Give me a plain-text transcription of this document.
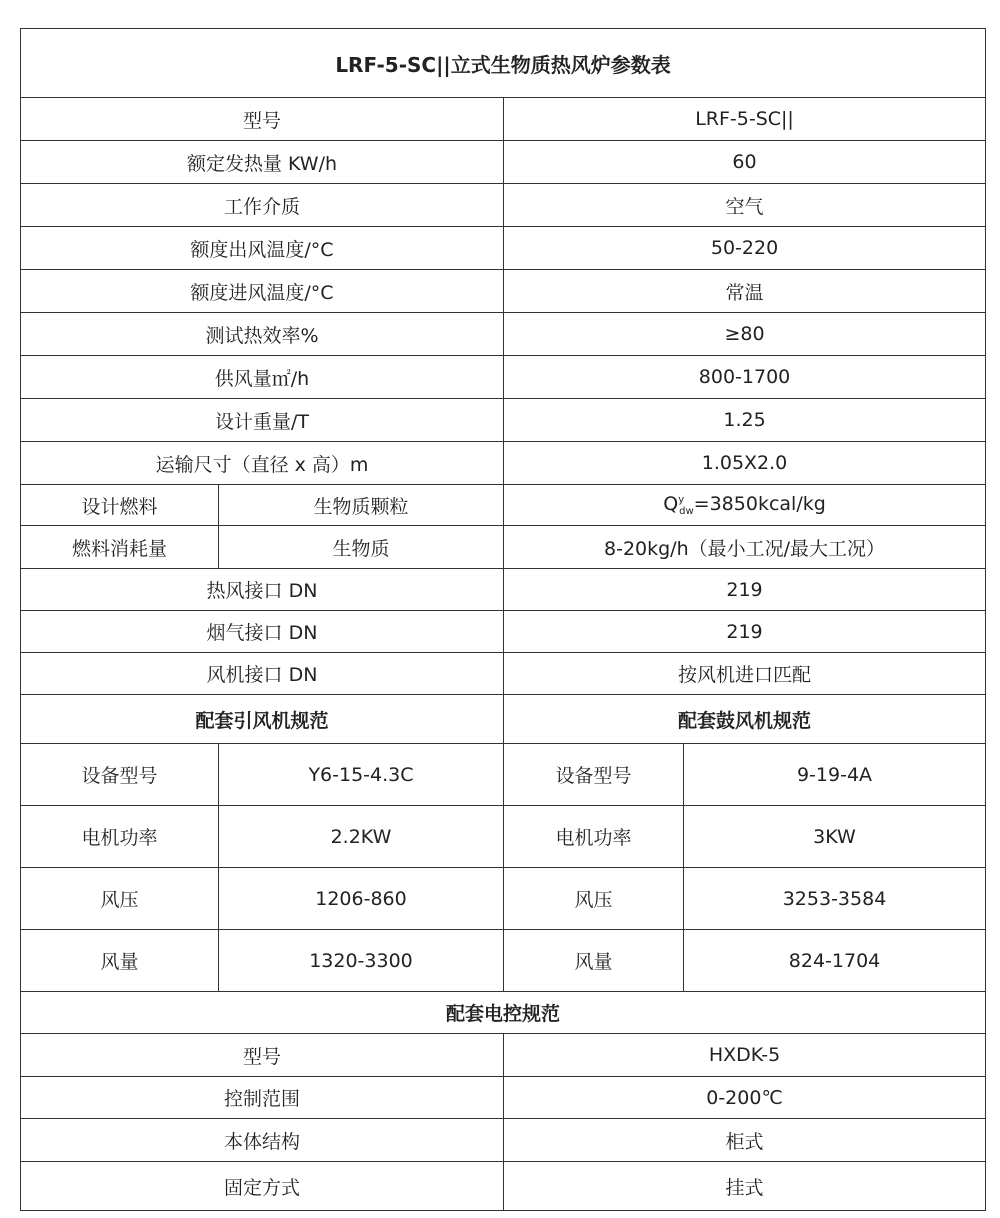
LRF-5-SC||立式生物质热风炉参数表			
型号		LRF-5-SC||	
额定发热量 KW/h		60	
工作介质		空气	
额度出风温度/°C		50-220	
额度进风温度/°C		常温	
测试热效率%		≥80	
供风量㎡/h		800-1700	
设计重量/T		1.25	
运输尺寸（直径 x 高）m		1.05X2.0	
设计燃料	生物质颗粒	$Q^y_{dw}=3850kcal/kg$	
燃料消耗量	生物质	8-20kg/h（最小工况/最大工况）	
热风接口 DN		219	
烟气接口 DN		219	
风机接口 DN		按风机进口匹配	
配套引风机规范		配套鼓风机规范	
设备型号	Y6-15-4.3C	设备型号	9-19-4A
电机功率	2.2KW	电机功率	3KW
风压	1206-860	风压	3253-3584
风量	1320-3300	风量	824-1704
配套电控规范			
型号		HXDK-5	
控制范围		0-200℃	
本体结构		柜式	
固定方式		挂式	
